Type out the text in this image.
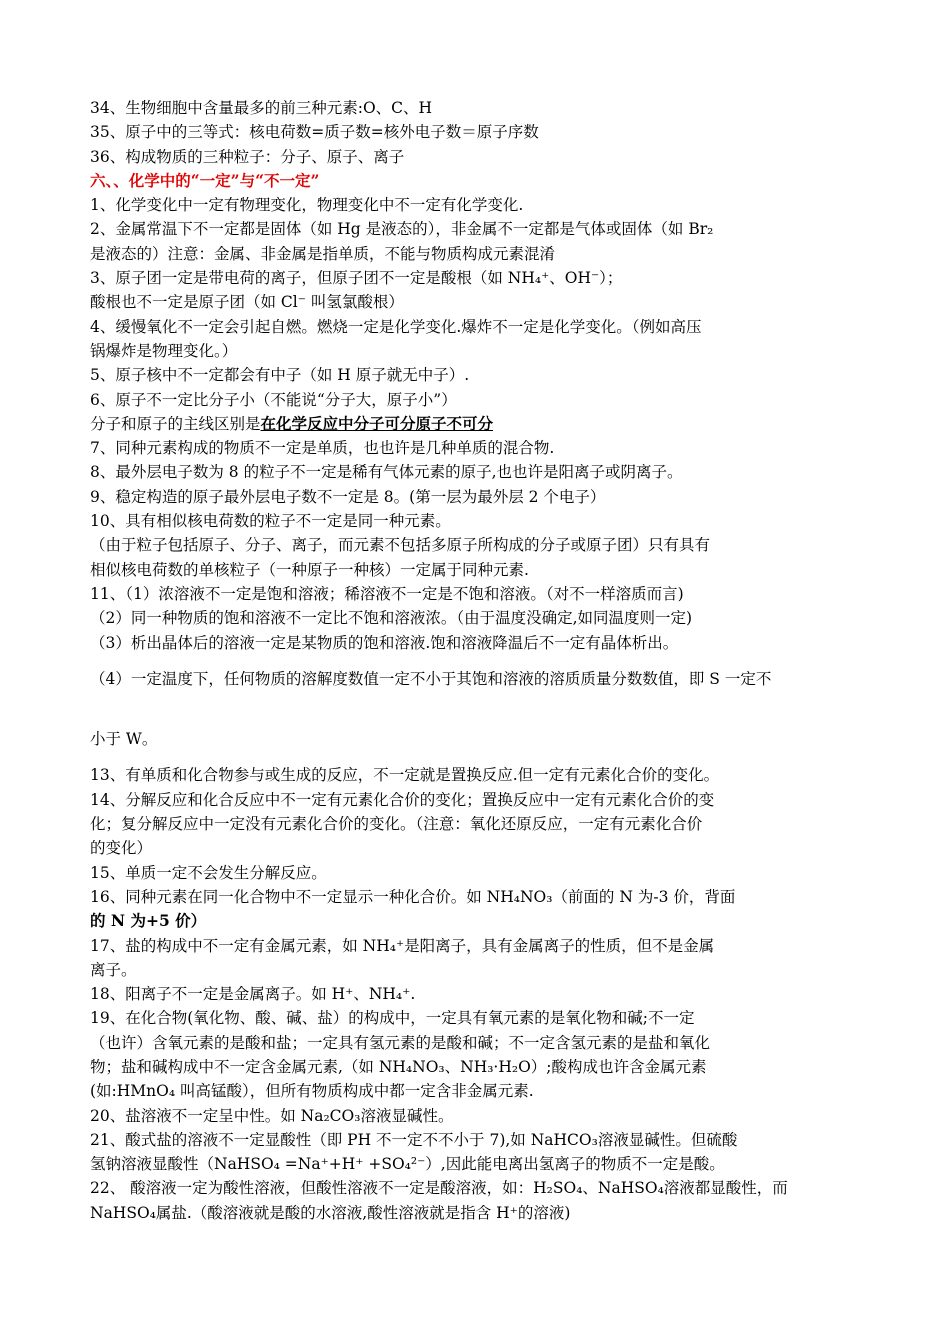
34、生物细胞中含量最多的前三种元素:O、C、H
35、原子中的三等式：核电荷数=质子数=核外电子数＝原子序数
36、构成物质的三种粒子：分子、原子、离子
六、、化学中的“一定”与“不一定”
1、化学变化中一定有物理变化，物理变化中不一定有化学变化.
2、金属常温下不一定都是固体（如 Hg 是液态的），非金属不一定都是气体或固体（如 Br₂
是液态的）注意：金属、非金属是指单质，不能与物质构成元素混淆
3、原子团一定是带电荷的离子，但原子团不一定是酸根（如 NH₄⁺、OH⁻）；
酸根也不一定是原子团（如 Cl⁻ 叫氢氯酸根）
4、缓慢氧化不一定会引起自燃。燃烧一定是化学变化.爆炸不一定是化学变化。（例如高压
锅爆炸是物理变化。）
5、原子核中不一定都会有中子（如 H 原子就无中子）.
6、原子不一定比分子小（不能说“分子大，原子小”）
分子和原子的主线区别是在化学反应中分子可分原子不可分
7、同种元素构成的物质不一定是单质，也也许是几种单质的混合物.
8、最外层电子数为 8 的粒子不一定是稀有气体元素的原子,也也许是阳离子或阴离子。
9、稳定构造的原子最外层电子数不一定是 8。(第一层为最外层 2 个电子）
10、具有相似核电荷数的粒子不一定是同一种元素。
（由于粒子包括原子、分子、离子，而元素不包括多原子所构成的分子或原子团）只有具有
相似核电荷数的单核粒子（一种原子一种核）一定属于同种元素.
11、（1）浓溶液不一定是饱和溶液；稀溶液不一定是不饱和溶液。（对不一样溶质而言)
（2）同一种物质的饱和溶液不一定比不饱和溶液浓。（由于温度没确定,如同温度则一定)
（3）析出晶体后的溶液一定是某物质的饱和溶液.饱和溶液降温后不一定有晶体析出。
（4）一定温度下，任何物质的溶解度数值一定不小于其饱和溶液的溶质质量分数数值，即 S 一定不
小于 W。
13、有单质和化合物参与或生成的反应，不一定就是置换反应.但一定有元素化合价的变化。
14、分解反应和化合反应中不一定有元素化合价的变化；置换反应中一定有元素化合价的变
化；复分解反应中一定没有元素化合价的变化。（注意：氧化还原反应，一定有元素化合价
的变化）
15、单质一定不会发生分解反应。
16、同种元素在同一化合物中不一定显示一种化合价。如 NH₄NO₃（前面的 N 为-3 价，背面
的 N 为+5 价）
17、盐的构成中不一定有金属元素，如 NH₄⁺是阳离子，具有金属离子的性质，但不是金属
离子。
18、阳离子不一定是金属离子。如 H⁺、NH₄⁺.
19、在化合物(氧化物、酸、碱、盐）的构成中，一定具有氧元素的是氧化物和碱;不一定
（也许）含氧元素的是酸和盐；一定具有氢元素的是酸和碱；不一定含氢元素的是盐和氧化
物；盐和碱构成中不一定含金属元素,（如 NH₄NO₃、NH₃·H₂O）;酸构成也许含金属元素
(如:HMnO₄ 叫高锰酸），但所有物质构成中都一定含非金属元素.
20、盐溶液不一定呈中性。如 Na₂CO₃溶液显碱性。
21、酸式盐的溶液不一定显酸性（即 PH 不一定不不小于 7),如 NaHCO₃溶液显碱性。但硫酸
氢钠溶液显酸性（NaHSO₄ =Na⁺+H⁺ +SO₄²⁻）,因此能电离出氢离子的物质不一定是酸。
22、 酸溶液一定为酸性溶液，但酸性溶液不一定是酸溶液，如：H₂SO₄、NaHSO₄溶液都显酸性，而
NaHSO₄属盐.（酸溶液就是酸的水溶液,酸性溶液就是指含 H⁺的溶液)
